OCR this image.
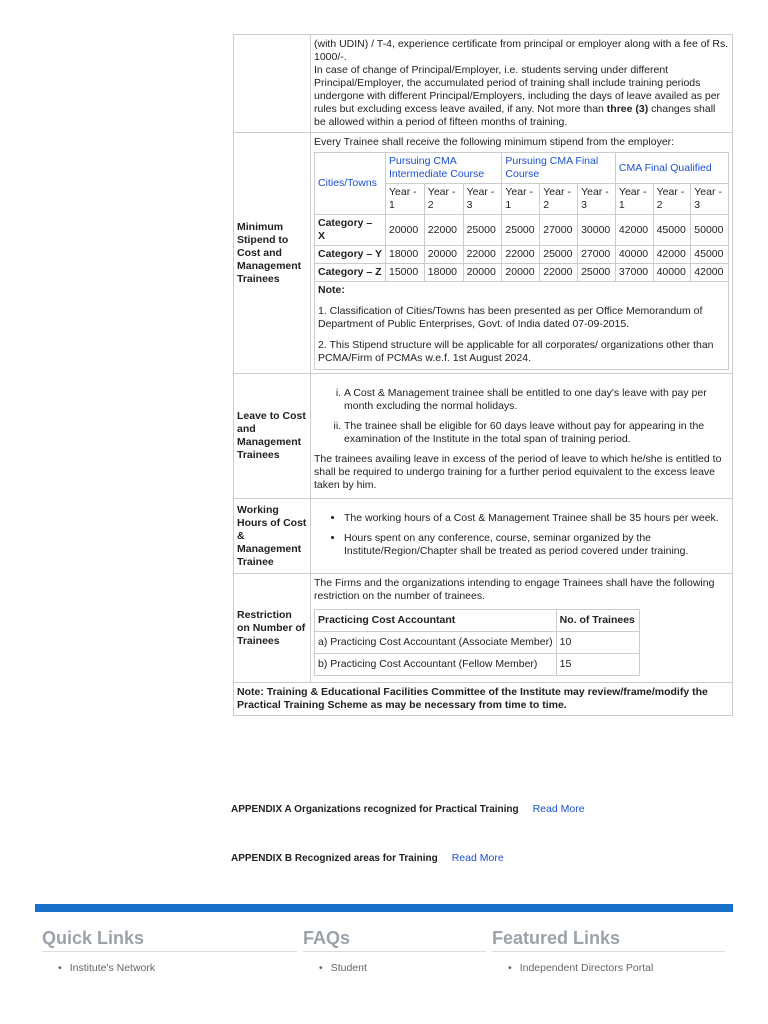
(with UDIN) / T-4, experience certificate from principal or employer along with a fee of Rs. 1000/-.
In case of change of Principal/Employer, i.e. students serving under different Principal/Employer, the accumulated period of training shall include training periods undergone with different Principal/Employers, including the days of leave availed as per rules but excluding excess leave availed, if any. Not more than three (3) changes shall be allowed within a period of fifteen months of training.

Minimum Stipend to Cost and Management Trainees	
Every Trainee shall receive the following minimum stipend from the employer:
Cities/Towns	Pursuing CMA Intermediate Course	Pursuing CMA Final Course	CMA Final Qualified
Year - 1	Year - 2	Year - 3	Year - 1	Year - 2	Year - 3	Year - 1	Year - 2	Year - 3
Category – X	20000	22000	25000	25000	27000	30000	42000	45000	50000
Category – Y	18000	20000	22000	22000	25000	27000	40000	42000	45000
Category – Z	15000	18000	20000	20000	22000	25000	37000	40000	42000

Note:

1. Classification of Cities/Towns has been presented as per Office Memorandum of Department of Public Enterprises, Govt. of India dated 07-09-2015.

2. This Stipend structure will be applicable for all corporates/ organizations other than PCMA/Firm of PCMAs w.e.f. 1st August 2024.

Leave to Cost and Management Trainees	
i. A Cost & Management trainee shall be entitled to one day's leave with pay per month excluding the normal holidays.
ii. The trainee shall be eligible for 60 days leave without pay for appearing in the examination of the Institute in the total span of training period.
The trainees availing leave in excess of the period of leave to which he/she is entitled to shall be required to undergo training for a further period equivalent to the excess leave taken by him.

Working Hours of Cost & Management Trainee	
• The working hours of a Cost & Management Trainee shall be 35 hours per week.
• Hours spent on any conference, course, seminar organized by the Institute/Region/Chapter shall be treated as period covered under training.

Restriction on Number of Trainees	
The Firms and the organizations intending to engage Trainees shall have the following restriction on the number of trainees.
Practicing Cost Accountant	No. of Trainees
a) Practicing Cost Accountant (Associate Member)	10
b) Practicing Cost Accountant (Fellow Member)	15

Note: Training & Educational Facilities Committee of the Institute may review/frame/modify the Practical Training Scheme as may be necessary from time to time.
APPENDIX A Organizations recognized for Practical Training Read More
APPENDIX B Recognized areas for Training Read More
Quick Links	FAQs	Featured Links
• Institute's Network	• Student	• Independent Directors Portal
